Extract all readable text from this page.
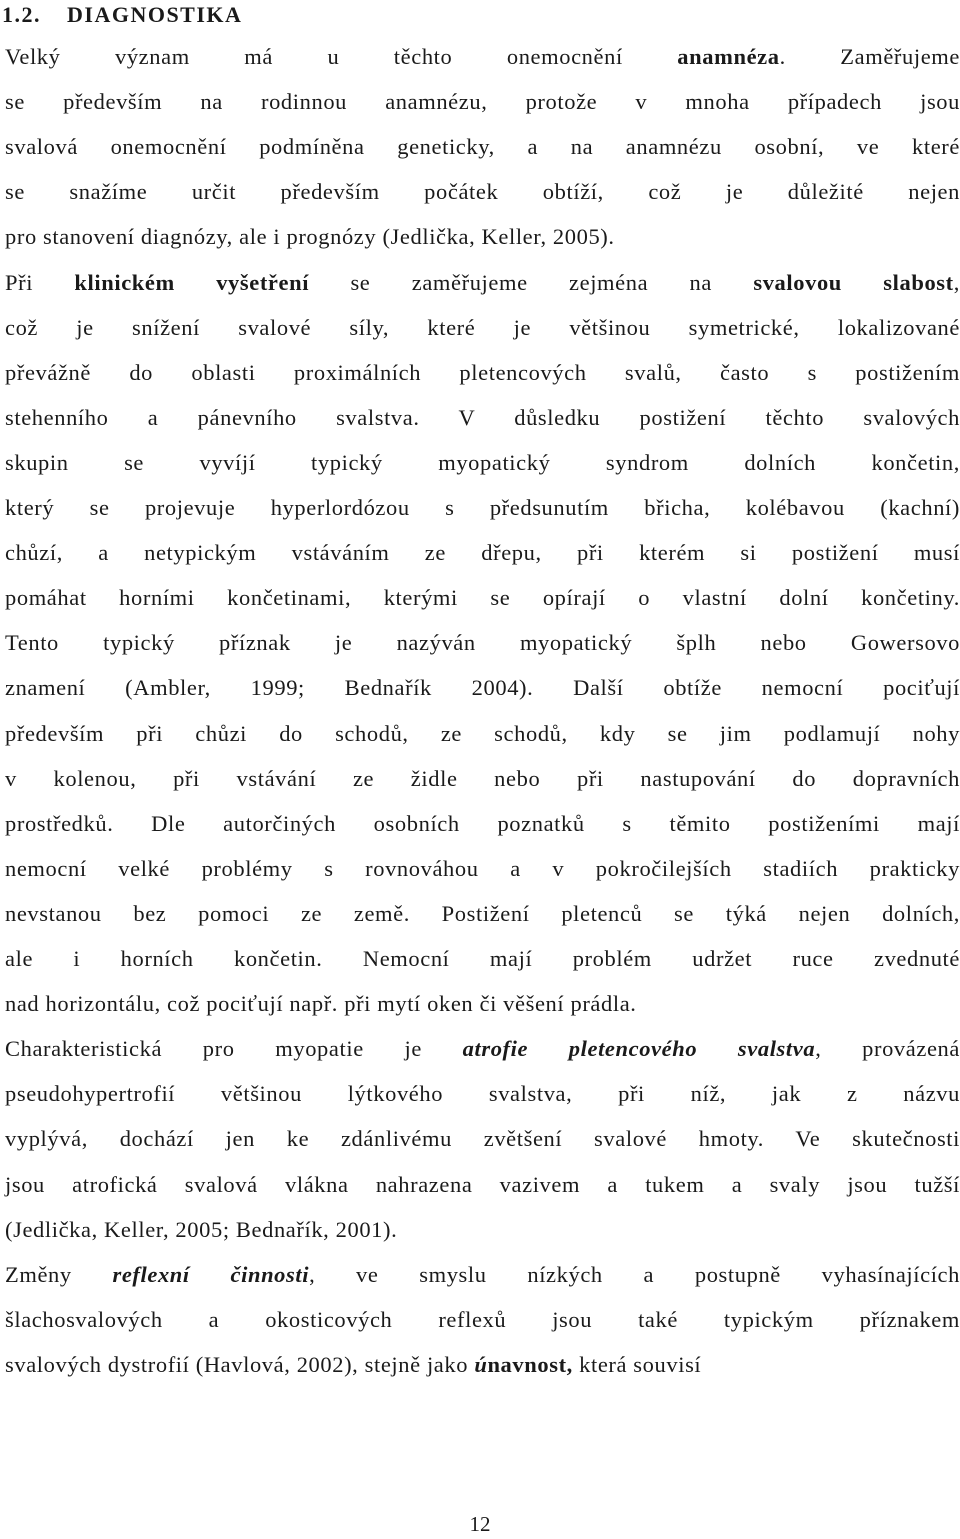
1.2. DIAGNOSTIKA
Velký význam má u těchto onemocnění anamnéza. Zaměřujeme
se především na rodinnou anamnézu, protože v mnoha případech jsou
svalová onemocnění podmíněna geneticky, a na anamnézu osobní, ve které
se snažíme určit především počátek obtíží, což je důležité nejen
pro stanovení diagnózy, ale i prognózy (Jedlička, Keller, 2005).
Při klinickém vyšetření se zaměřujeme zejména na svalovou slabost,
což je snížení svalové síly, které je většinou symetrické, lokalizované
převážně do oblasti proximálních pletencových svalů, často s postižením
stehenního a pánevního svalstva. V důsledku postižení těchto svalových
skupin se vyvíjí typický myopatický syndrom dolních končetin,
který se projevuje hyperlordózou s předsunutím břicha, kolébavou (kachní)
chůzí, a netypickým vstáváním ze dřepu, při kterém si postižení musí
pomáhat horními končetinami, kterými se opírají o vlastní dolní končetiny.
Tento typický příznak je nazýván myopatický šplh nebo Gowersovo
znamení (Ambler, 1999; Bednařík 2004). Další obtíže nemocní pociťují
především při chůzi do schodů, ze schodů, kdy se jim podlamují nohy
v kolenou, při vstávání ze židle nebo při nastupování do dopravních
prostředků. Dle autorčiných osobních poznatků s těmito postiženími mají
nemocní velké problémy s rovnováhou a v pokročilejších stadiích prakticky
nevstanou bez pomoci ze země. Postižení pletenců se týká nejen dolních,
ale i horních končetin. Nemocní mají problém udržet ruce zvednuté
nad horizontálu, což pociťují např. při mytí oken či věšení prádla.
Charakteristická pro myopatie je atrofie pletencového svalstva, provázená
pseudohypertrofií většinou lýtkového svalstva, při níž, jak z názvu
vyplývá, dochází jen ke zdánlivému zvětšení svalové hmoty. Ve skutečnosti
jsou atrofická svalová vlákna nahrazena vazivem a tukem a svaly jsou tužší
(Jedlička, Keller, 2005; Bednařík, 2001).
Změny reflexní činnosti, ve smyslu nízkých a postupně vyhasínajících
šlachosvalových a okosticových reflexů jsou také typickým příznakem
svalových dystrofií (Havlová, 2002), stejně jako únavnost, která souvisí
12
